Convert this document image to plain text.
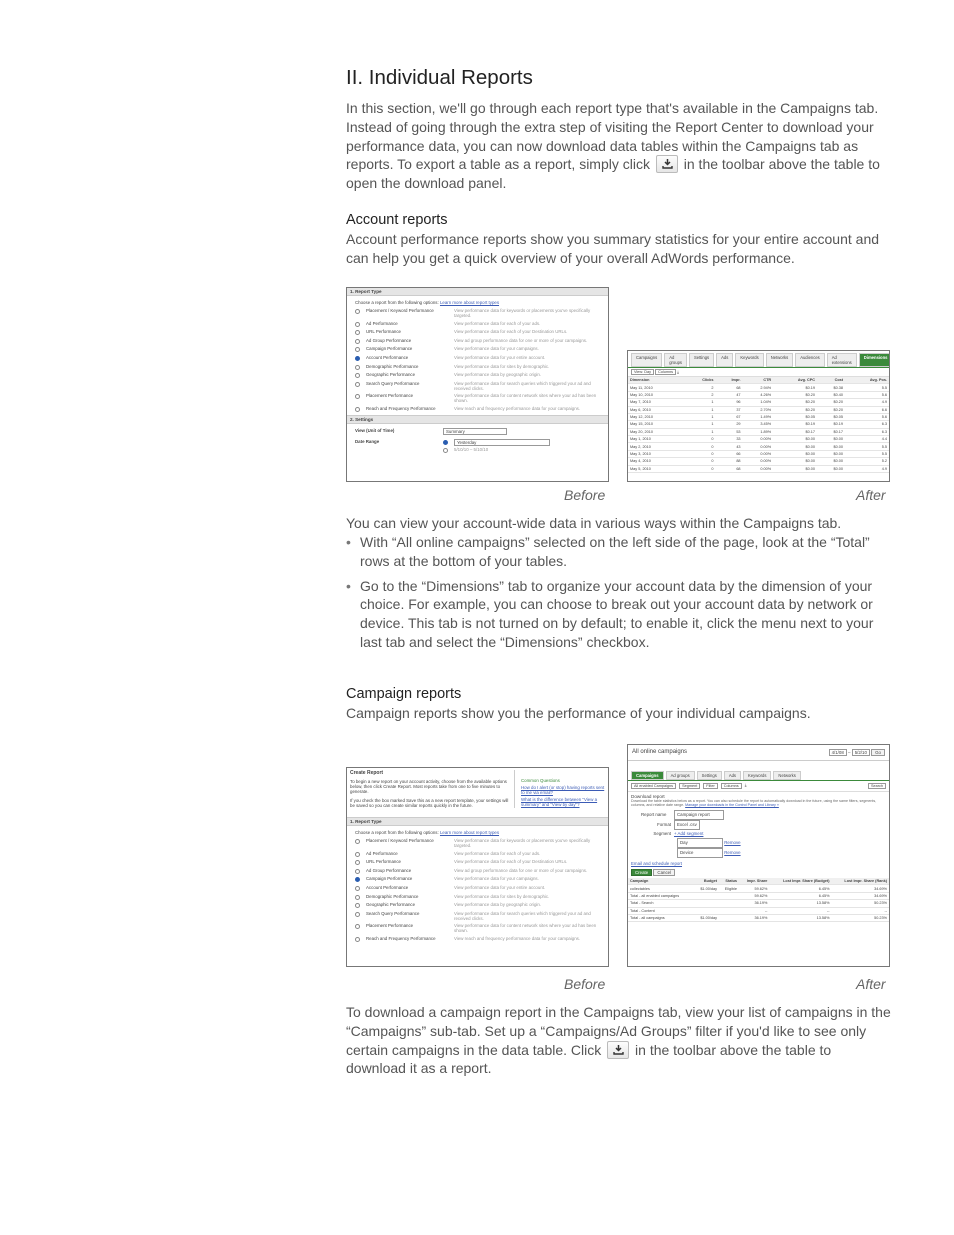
II. Individual Reports
In this section, we'll go through each report type that's available in the Campaigns tab. Instead of going through the extra step of visiting the Report Center to download your performance data, you can now download data tables within the Campaigns tab as reports. To export a table as a report, simply click in the toolbar above the table to open the download panel.
Account reports
Account performance reports show you summary statistics for your entire account and can help you get a quick overview of your overall AdWords performance.
1. Report Type
Choose a report from the following options: Learn more about report types
Placement / Keyword Performance	View performance data for keywords or placements you've specifically targeted.
Ad Performance	View performance data for each of your ads.
URL Performance	View performance data for each of your Destination URLs.
Ad Group Performance	View ad group performance data for one or more of your campaigns.
Campaign Performance	View performance data for your campaigns.
Account Performance	View performance data for your entire account.
Demographic Performance	View performance data for sites by demographic.
Geographic Performance	View performance data by geographic origin.
Search Query Performance	View performance data for search queries which triggered your ad and received clicks.
Placement Performance	View performance data for content network sites where your ad has been shown.
Reach and Frequency Performance	View reach and frequency performance data for your campaigns.
2. Settings
View (Unit of Time)	Summary
Date Range	Yesterday
5/10/10 – 5/10/10
Campaigns	Ad groups
Settings	Ads	Keywords	Networks	Audiences	Ad extensions
Dimensions
View: Day Columns ⤓
Dimension	Clicks	Impr.	CTR	Avg. CPC	Cost	Avg. Pos.
May 11, 2010	2	68	2.94%	$0.19	$0.38	5.5
May 10, 2010	2	47	4.26%	$0.20	$0.40	5.6
May 7, 2010	1	96	1.04%	$0.20	$0.20	4.9
May 6, 2010	1	37	2.70%	$0.20	$0.20	6.6
May 12, 2010	1	67	1.49%	$0.05	$0.05	5.6
May 15, 2010	1	29	3.45%	$0.19	$0.19	6.3
May 20, 2010	1	53	1.89%	$0.17	$0.17	6.3
May 1, 2010	0	33	0.00%	$0.00	$0.00	4.4
May 2, 2010	0	43	0.00%	$0.00	$0.00	5.5
May 3, 2010	0	66	0.00%	$0.00	$0.00	5.5
May 4, 2010	0	88	0.00%	$0.00	$0.00	5.2
May 5, 2010	0	68	0.00%	$0.00	$0.00	4.9
Before	After
You can view your account-wide data in various ways within the Campaigns tab.
• With “All online campaigns” selected on the left side of the page, look at the “Total” rows at the bottom of your tables.
• Go to the “Dimensions” tab to organize your account data by the dimension of your choice. For example, you can choose to break out your account data by network or device. This tab is not turned on by default; to enable it, click the menu next to your last tab and select the “Dimensions” checkbox.
Campaign reports
Campaign reports show you the performance of your individual campaigns.
Create Report
To begin a new report on your account activity, choose from the available options below, then click Create Report. Most reports take from one to five minutes to generate.
If you check the box marked Save this as a new report template, your settings will be saved so you can create similar reports quickly in the future.
Common Questions
How do I alert (or stop) having reports sent to me via email?
What is the difference between "View a summary" and "View by day"?
1. Report Type
Choose a report from the following options: Learn more about report types
Placement / Keyword Performance	View performance data for keywords or placements you've specifically targeted.
Ad Performance	View performance data for each of your ads.
URL Performance	View performance data for each of your Destination URLs.
Ad Group Performance	View ad group performance data for one or more of your campaigns.
Campaign Performance	View performance data for your campaigns.
Account Performance	View performance data for your entire account.
Demographic Performance	View performance data for sites by demographic.
Geographic Performance	View performance data by geographic origin.
Search Query Performance	View performance data for search queries which triggered your ad and received clicks.
Placement Performance	View performance data for content network sites where your ad has been shown.
Reach and Frequency Performance	View reach and frequency performance data for your campaigns.
All online campaigns	4/1/08 – 5/2/10 Go
Campaigns	Ad groups	Settings	Ads	Keywords	Networks
All enabled Campaigns	Segment	Filter	Columns	⤓	Search
Download report
Download the table statistics below as a report. You can also schedule the report to automatically download in the future, using the same filters, segments, columns, and relative date range. Manage your downloads in the Control Panel and Library »
Report name Campaign report
Format Excel .csv
Segment + Add segment
Day	Remove
Device	Remove
Email and schedule report
Create Cancel
Campaign	Budget	Status	Impr. Share	Lost Impr. Share (Budget)	Lost Impr. Share (Rank)
collectables	$1.00/day	Eligible	59.62%	6.45%	34.69%
Total - all enabled campaigns			59.62%	6.45%	34.69%
Total - Search			36.19%	13.58%	50.23%
Total - Content			--	--	--
Total - all campaigns	$1.00/day		36.19%	13.58%	50.23%
Before	After
To download a campaign report in the Campaigns tab, view your list of campaigns in the “Campaigns” sub-tab. Set up a “Campaigns/Ad Groups” filter if you'd like to see only certain campaigns in the data table. Click in the toolbar above the table to download it as a report.
